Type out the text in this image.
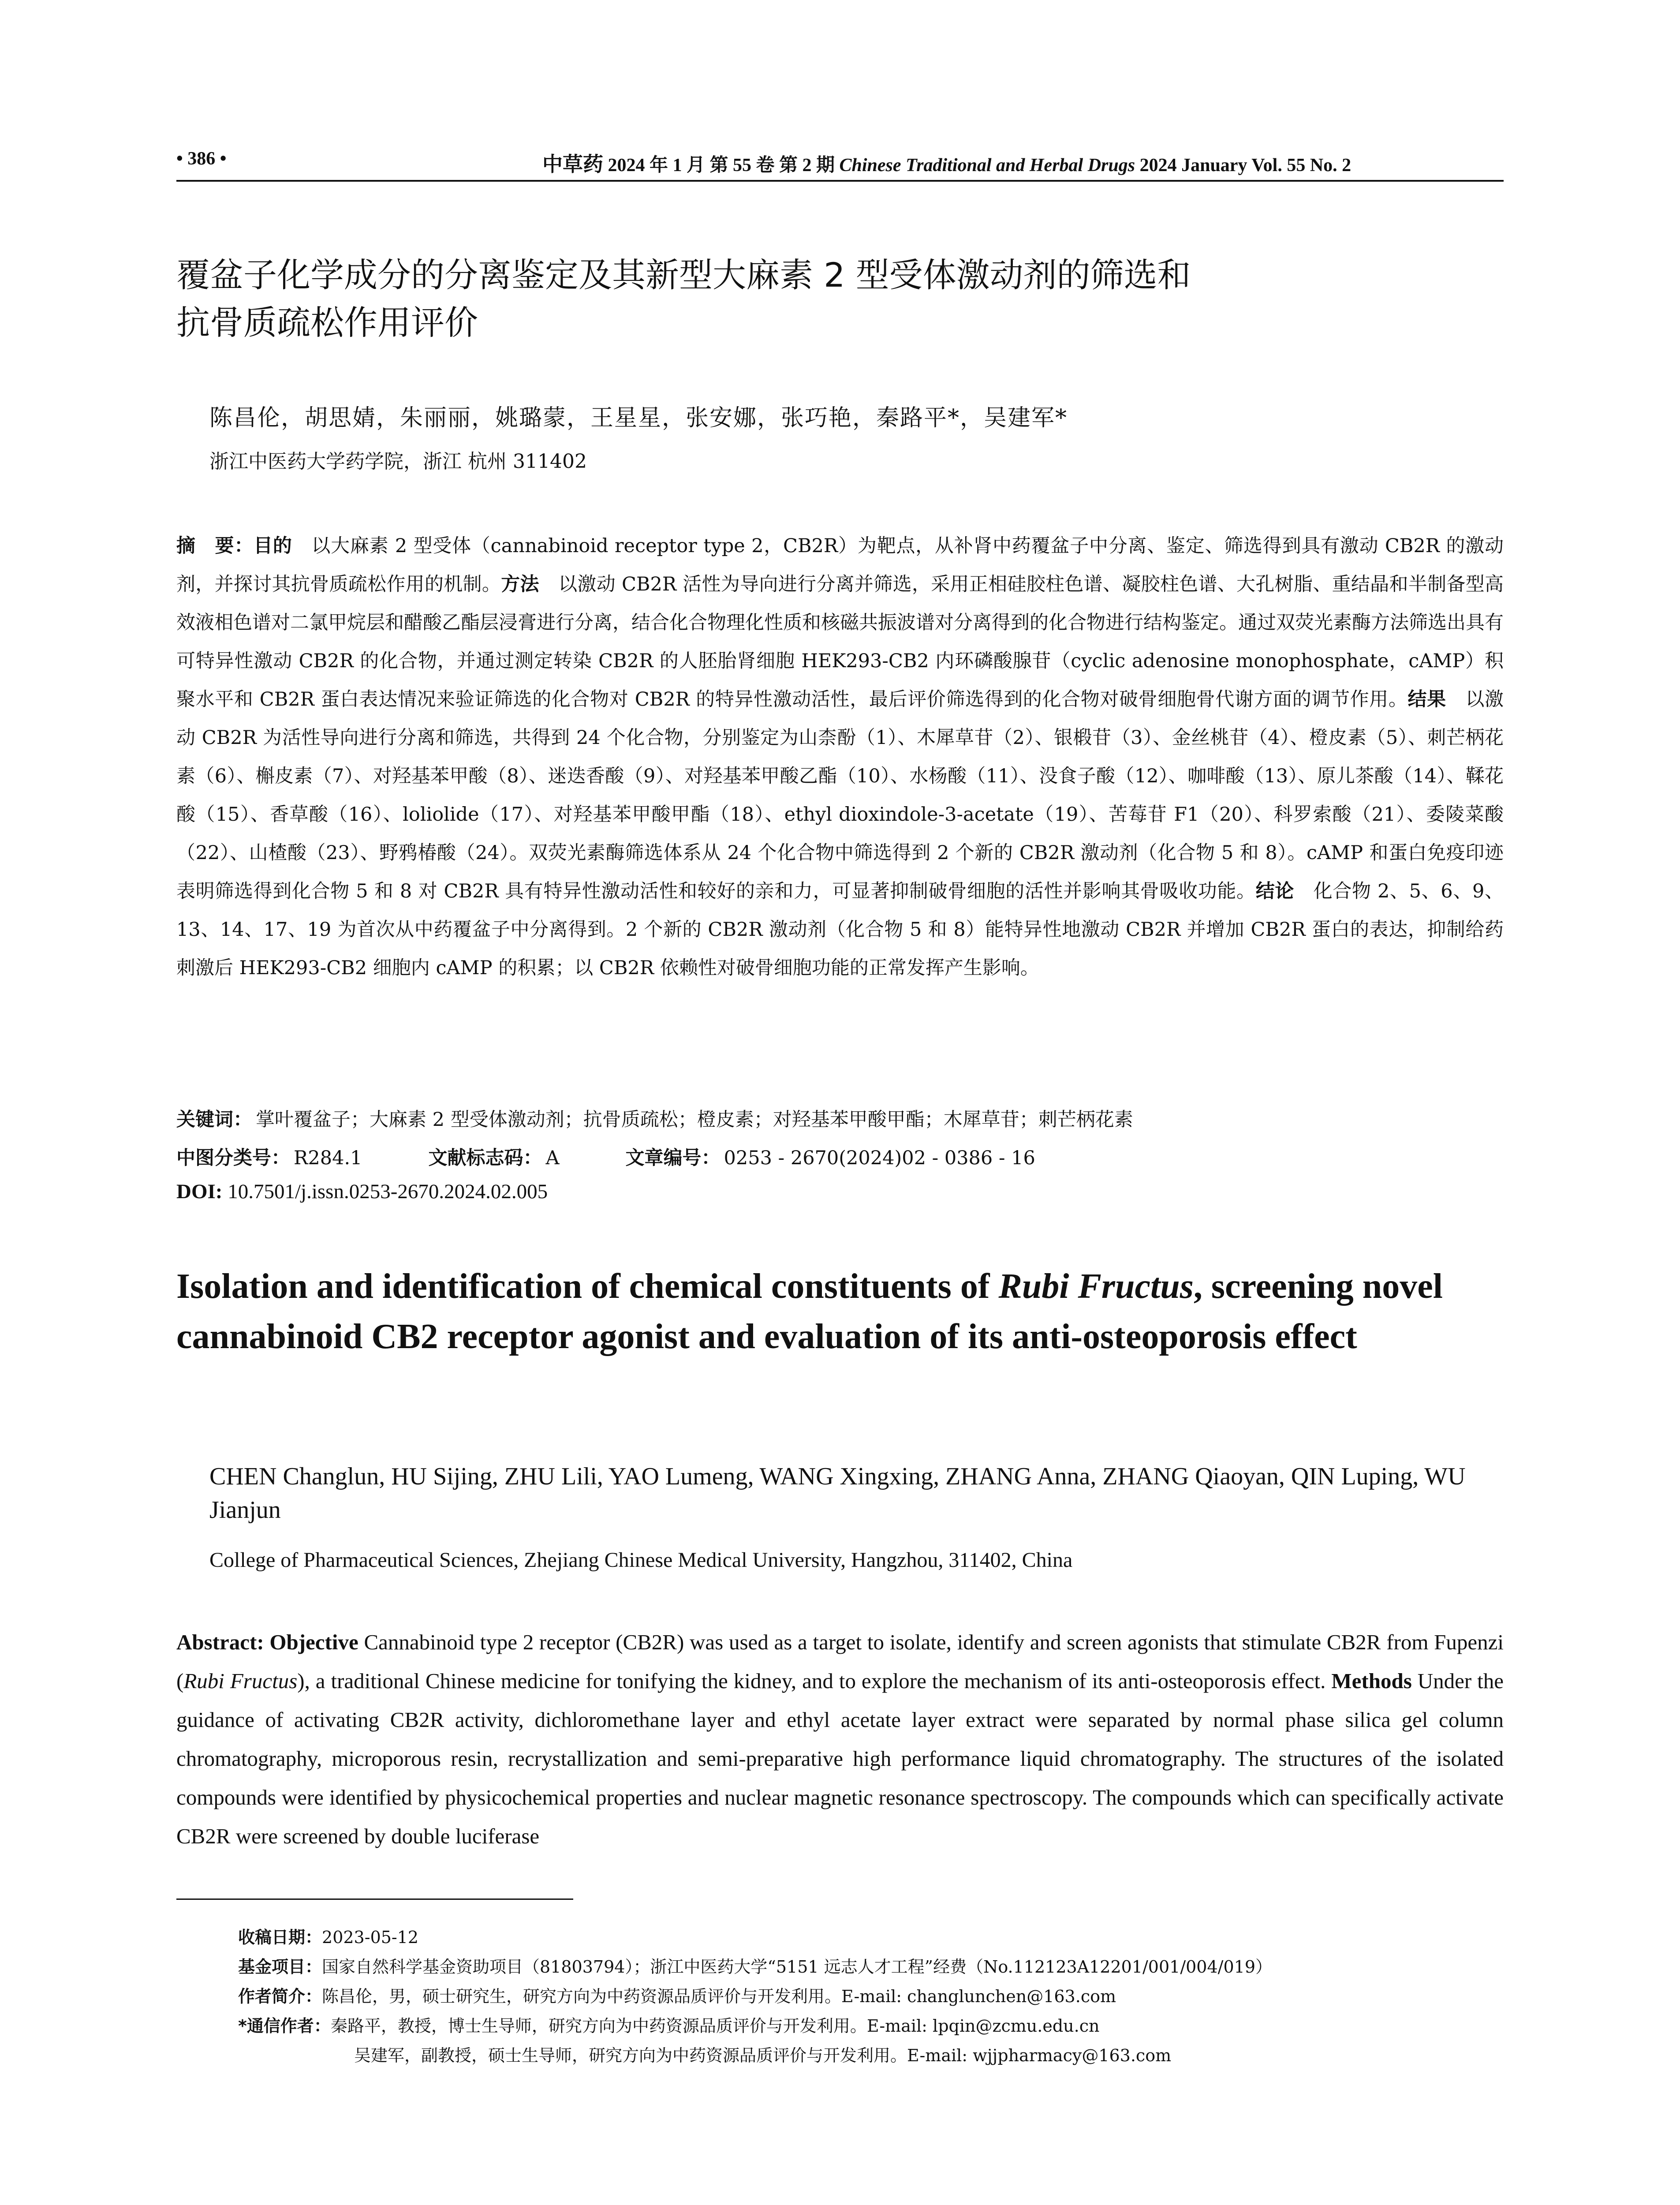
• 386 •	中草药 2024 年 1 月 第 55 卷 第 2 期 Chinese Traditional and Herbal Drugs 2024 January Vol. 55 No. 2
覆盆子化学成分的分离鉴定及其新型大麻素 2 型受体激动剂的筛选和
抗骨质疏松作用评价

陈昌伦，胡思婧，朱丽丽，姚璐蒙，王星星，张安娜，张巧艳，秦路平*，吴建军*

浙江中医药大学药学院，浙江 杭州 311402

摘　要：目的　 以大麻素 2 型受体（cannabinoid receptor type 2，CB2R）为靶点，从补肾中药覆盆子中分离、鉴定、筛选得到具有激动 CB2R 的激动剂，并探讨其抗骨质疏松作用的机制。方法　 以激动 CB2R 活性为导向进行分离并筛选，采用正相硅胶柱色谱、凝胶柱色谱、大孔树脂、重结晶和半制备型高效液相色谱对二氯甲烷层和醋酸乙酯层浸膏进行分离，结合化合物理化性质和核磁共振波谱对分离得到的化合物进行结构鉴定。通过双荧光素酶方法筛选出具有可特异性激动 CB2R 的化合物，并通过测定转染 CB2R 的人胚胎肾细胞 HEK293-CB2 内环磷酸腺苷（cyclic adenosine monophosphate，cAMP）积聚水平和 CB2R 蛋白表达情况来验证筛选的化合物对 CB2R 的特异性激动活性，最后评价筛选得到的化合物对破骨细胞骨代谢方面的调节作用。结果　 以激动 CB2R 为活性导向进行分离和筛选，共得到 24 个化合物，分别鉴定为山柰酚（1）、木犀草苷（2）、银椴苷（3）、金丝桃苷（4）、橙皮素（5）、刺芒柄花素（6）、槲皮素（7）、对羟基苯甲酸（8）、迷迭香酸（9）、对羟基苯甲酸乙酯（10）、水杨酸（11）、没食子酸（12）、咖啡酸（13）、原儿茶酸（14）、鞣花酸（15）、香草酸（16）、loliolide（17）、对羟基苯甲酸甲酯（18）、ethyl dioxindole-3-acetate（19）、苦莓苷 F1（20）、科罗索酸（21）、委陵菜酸（22）、山楂酸（23）、野鸦椿酸（24）。双荧光素酶筛选体系从 24 个化合物中筛选得到 2 个新的 CB2R 激动剂（化合物 5 和 8）。cAMP 和蛋白免疫印迹表明筛选得到化合物 5 和 8 对 CB2R 具有特异性激动活性和较好的亲和力，可显著抑制破骨细胞的活性并影响其骨吸收功能。结论　 化合物 2、5、6、9、13、14、17、19 为首次从中药覆盆子中分离得到。2 个新的 CB2R 激动剂（化合物 5 和 8）能特异性地激动 CB2R 并增加 CB2R 蛋白的表达，抑制给药刺激后 HEK293-CB2 细胞内 cAMP 的积累；以 CB2R 依赖性对破骨细胞功能的正常发挥产生影响。

关键词： 掌叶覆盆子；大麻素 2 型受体激动剂；抗骨质疏松；橙皮素；对羟基苯甲酸甲酯；木犀草苷；刺芒柄花素

中图分类号： R284.1	文献标志码： A	文章编号： 0253 - 2670(2024)02 - 0386 - 16

DOI: 10.7501/j.issn.0253-2670.2024.02.005

Isolation and identification of chemical constituents of Rubi Fructus, screening novel cannabinoid CB2 receptor agonist and evaluation of its anti-osteoporosis effect

CHEN Changlun, HU Sijing, ZHU Lili, YAO Lumeng, WANG Xingxing, ZHANG Anna, ZHANG Qiaoyan, QIN Luping, WU Jianjun

College of Pharmaceutical Sciences, Zhejiang Chinese Medical University, Hangzhou, 311402, China

Abstract: Objective Cannabinoid type 2 receptor (CB2R) was used as a target to isolate, identify and screen agonists that stimulate CB2R from Fupenzi (Rubi Fructus), a traditional Chinese medicine for tonifying the kidney, and to explore the mechanism of its anti-osteoporosis effect. Methods Under the guidance of activating CB2R activity, dichloromethane layer and ethyl acetate layer extract were separated by normal phase silica gel column chromatography, microporous resin, recrystallization and semi-preparative high performance liquid chromatography. The structures of the isolated compounds were identified by physicochemical properties and nuclear magnetic resonance spectroscopy. The compounds which can specifically activate CB2R were screened by double luciferase

收稿日期：2023-05-12
基金项目：国家自然科学基金资助项目（81803794）；浙江中医药大学“5151 远志人才工程”经费（No.112123A12201/001/004/019）
作者简介：陈昌伦，男，硕士研究生，研究方向为中药资源品质评价与开发利用。E-mail: changlunchen@163.com
*通信作者：秦路平，教授，博士生导师，研究方向为中药资源品质评价与开发利用。E-mail: lpqin@zcmu.edu.cn
吴建军，副教授，硕士生导师，研究方向为中药资源品质评价与开发利用。E-mail: wjjpharmacy@163.com
